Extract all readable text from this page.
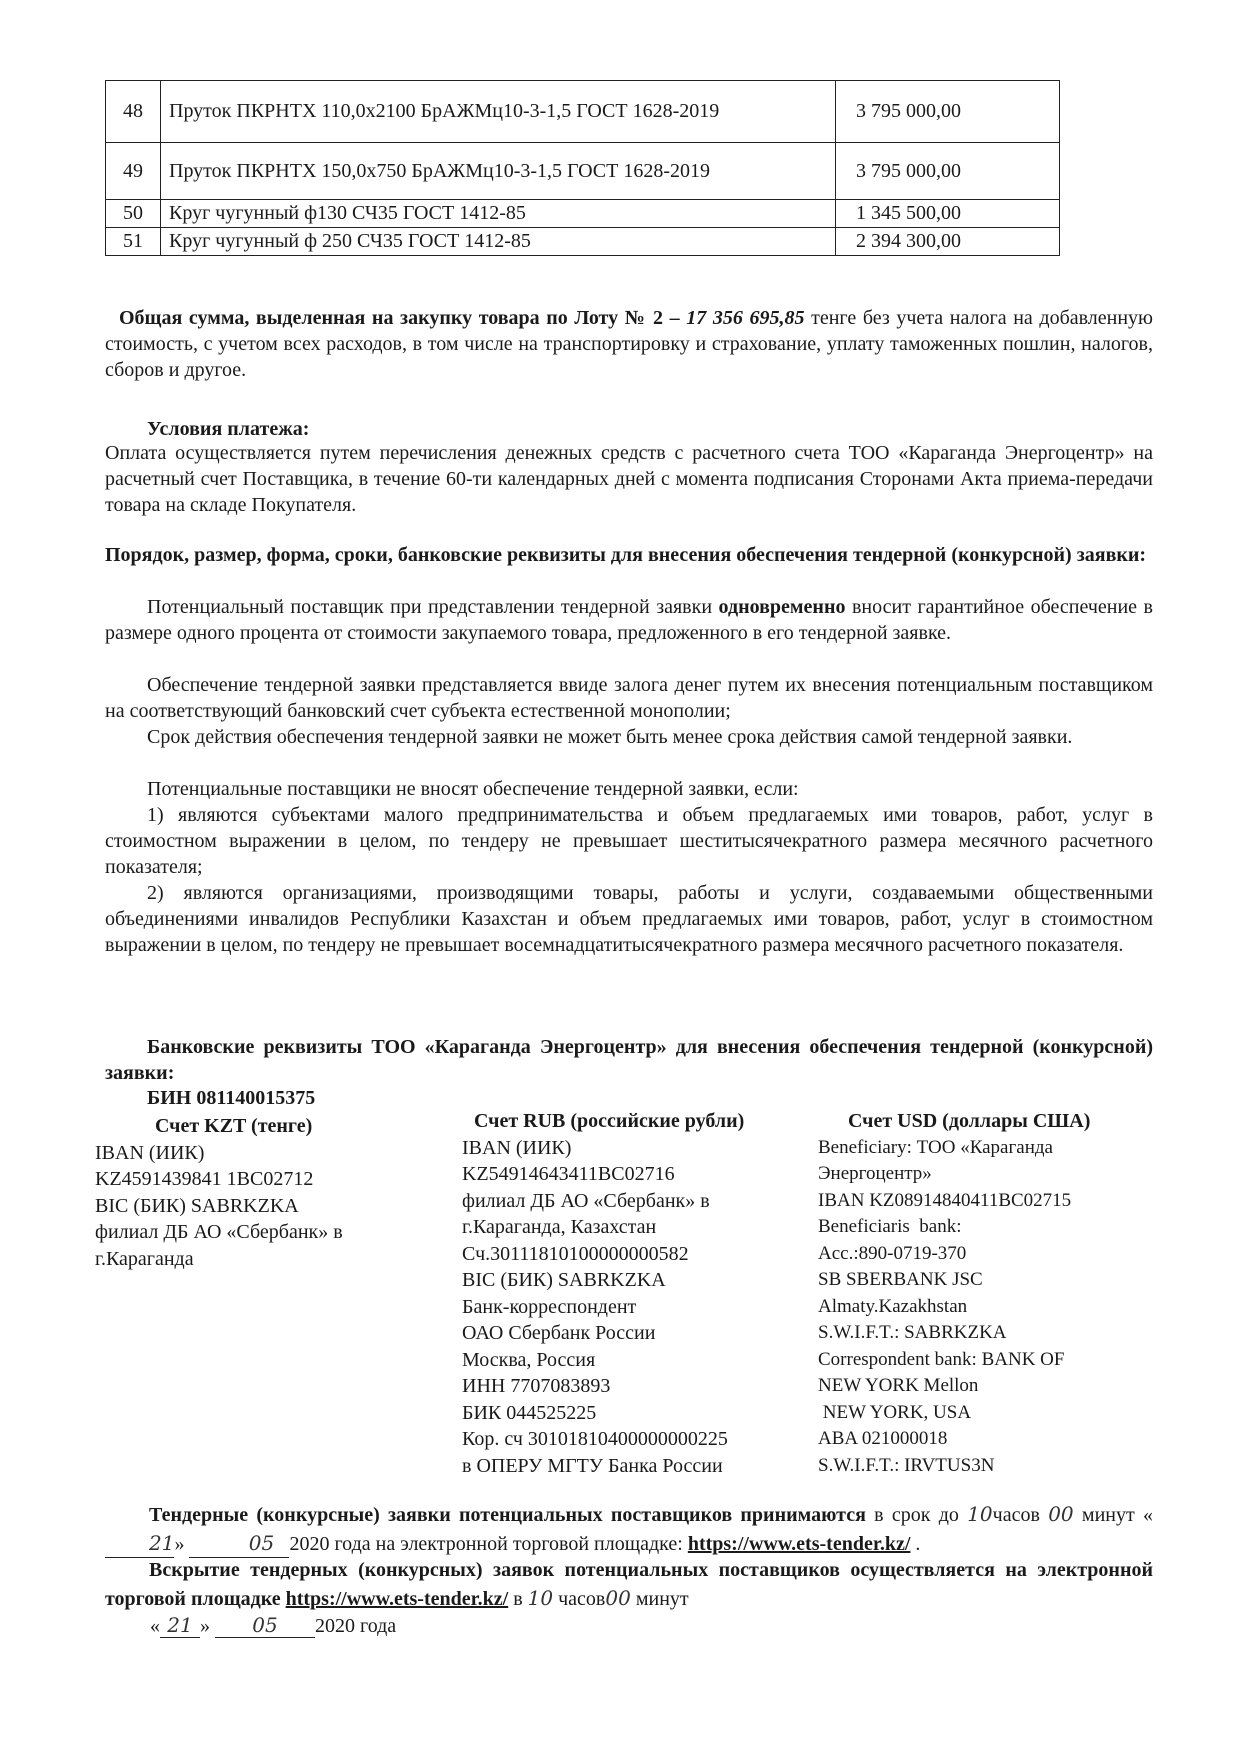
48	Пруток ПКРНТХ 110,0х2100 БрАЖМц10-3-1,5 ГОСТ 1628-2019	3 795 000,00
49	Пруток ПКРНТХ 150,0х750 БрАЖМц10-3-1,5 ГОСТ 1628-2019	3 795 000,00
50	Круг чугунный ф130 СЧ35 ГОСТ 1412-85	1 345 500,00
51	Круг чугунный ф 250 СЧ35 ГОСТ 1412-85	2 394 300,00
Общая сумма, выделенная на закупку товара по Лоту № 2 – 17 356 695,85 тенге без учета налога на добавленную стоимость, с учетом всех расходов, в том числе на транспортировку и страхование, уплату таможенных пошлин, налогов, сборов и другое.
Условия платежа:
Оплата осуществляется путем перечисления денежных средств с расчетного счета ТОО «Караганда Энергоцентр» на расчетный счет Поставщика, в течение 60-ти календарных дней с момента подписания Сторонами Акта приема-передачи товара на складе Покупателя.
Порядок, размер, форма, сроки, банковские реквизиты для внесения обеспечения тендерной (конкурсной) заявки:
Потенциальный поставщик при представлении тендерной заявки одновременно вносит гарантийное обеспечение в размере одного процента от стоимости закупаемого товара, предложенного в его тендерной заявке.
Обеспечение тендерной заявки представляется ввиде залога денег путем их внесения потенциальным поставщиком на соответствующий банковский счет субъекта естественной монополии;
Срок действия обеспечения тендерной заявки не может быть менее срока действия самой тендерной заявки.
Потенциальные поставщики не вносят обеспечение тендерной заявки, если:
1) являются субъектами малого предпринимательства и объем предлагаемых ими товаров, работ, услуг в стоимостном выражении в целом, по тендеру не превышает шеститысячекратного размера месячного расчетного показателя;
2) являются организациями, производящими товары, работы и услуги, создаваемыми общественными объединениями инвалидов Республики Казахстан и объем предлагаемых ими товаров, работ, услуг в стоимостном выражении в целом, по тендеру не превышает восемнадцатитысячекратного размера месячного расчетного показателя.
Банковские реквизиты ТОО «Караганда Энергоцентр» для внесения обеспечения тендерной (конкурсной) заявки:
БИН 081140015375
Счет KZT (тенге)
IBAN (ИИК)
KZ4591439841 1BC02712
BIC (БИК) SABRKZKA
филиал ДБ АО «Сбербанк» в
г.Караганда
Счет RUB (российские рубли)
IBAN (ИИК)
KZ54914643411BC02716
филиал ДБ АО «Сбербанк» в
г.Караганда, Казахстан
Сч.30111810100000000582
BIC (БИК) SABRKZKA
Банк-корреспондент
ОАО Сбербанк России
Москва, Россия
ИНН 7707083893
БИК 044525225
Кор. сч 30101810400000000225
в ОПЕРУ МГТУ Банка России
Счет USD (доллары США)
Beneficiary: ТОО «Караганда
Энергоцентр»
IBAN KZ08914840411BC02715
Beneficiaris  bank:
Acc.:890-0719-370
SB SBERBANK JSC
Almaty.Kazakhstan
S.W.I.F.T.: SABRKZKA
Correspondent bank: BANK OF
NEW YORK Mellon
NEW YORK, USA
ABA 021000018
S.W.I.F.T.: IRVTUS3N
Тендерные (конкурсные) заявки потенциальных поставщиков принимаются в срок до 10часов 00 минут «21»	05 2020 года на электронной торговой площадке: https://www.ets-tender.kz/ .
Вскрытие тендерных (конкурсных) заявок потенциальных поставщиков осуществляется на электронной торговой площадке https://www.ets-tender.kz/ в 10 часов00 минут
« 21 » 05 2020 года
